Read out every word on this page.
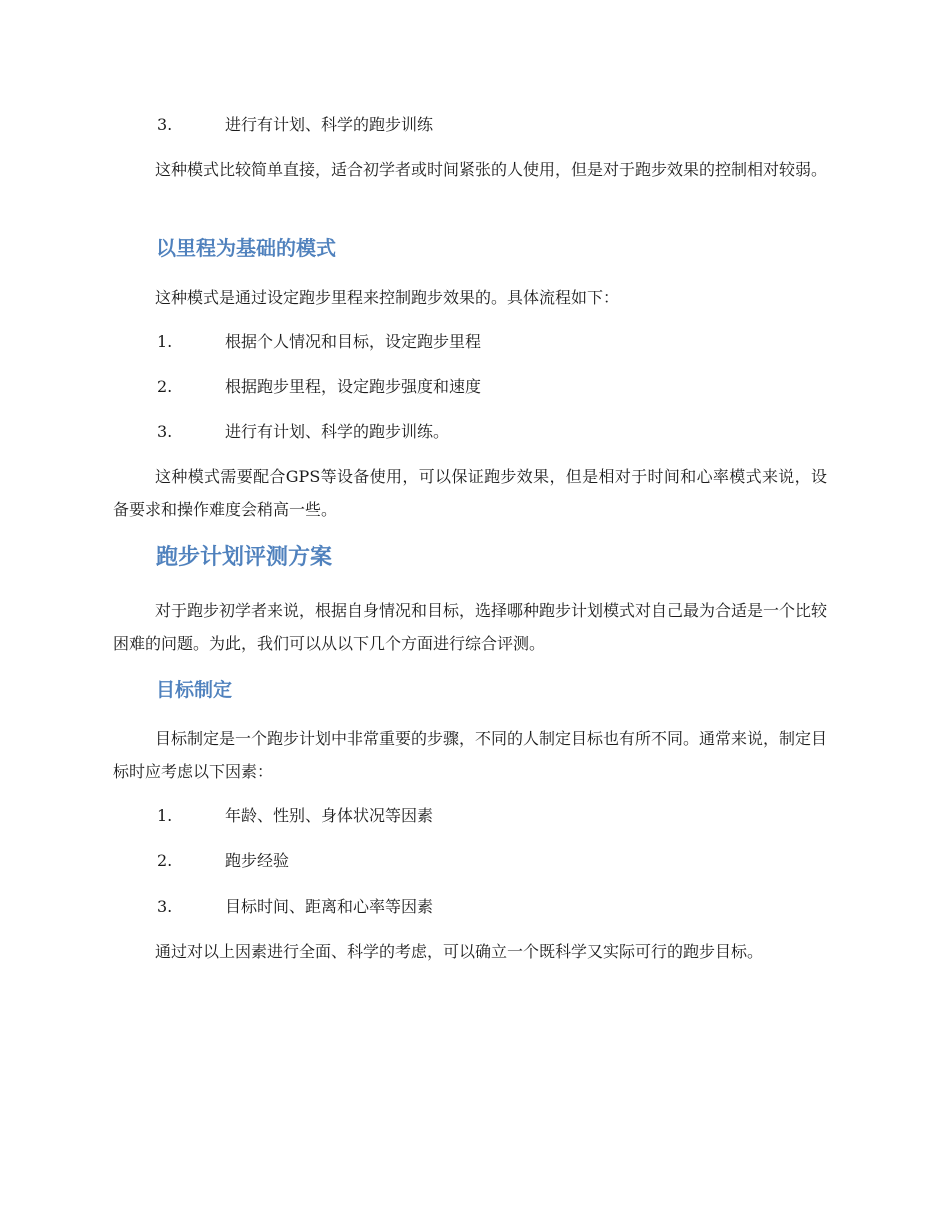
3.	进行有计划、科学的跑步训练

这种模式比较简单直接，适合初学者或时间紧张的人使用，但是对于跑步效果的控制相对较弱。

以里程为基础的模式

这种模式是通过设定跑步里程来控制跑步效果的。具体流程如下：

1.	根据个人情况和目标，设定跑步里程
2.	根据跑步里程，设定跑步强度和速度
3.	进行有计划、科学的跑步训练。

这种模式需要配合GPS等设备使用，可以保证跑步效果，但是相对于时间和心率模式来说，设备要求和操作难度会稍高一些。

跑步计划评测方案

对于跑步初学者来说，根据自身情况和目标，选择哪种跑步计划模式对自己最为合适是一个比较困难的问题。为此，我们可以从以下几个方面进行综合评测。

目标制定

目标制定是一个跑步计划中非常重要的步骤，不同的人制定目标也有所不同。通常来说，制定目标时应考虑以下因素：

1.	年龄、性别、身体状况等因素
2.	跑步经验
3.	目标时间、距离和心率等因素

通过对以上因素进行全面、科学的考虑，可以确立一个既科学又实际可行的跑步目标。
